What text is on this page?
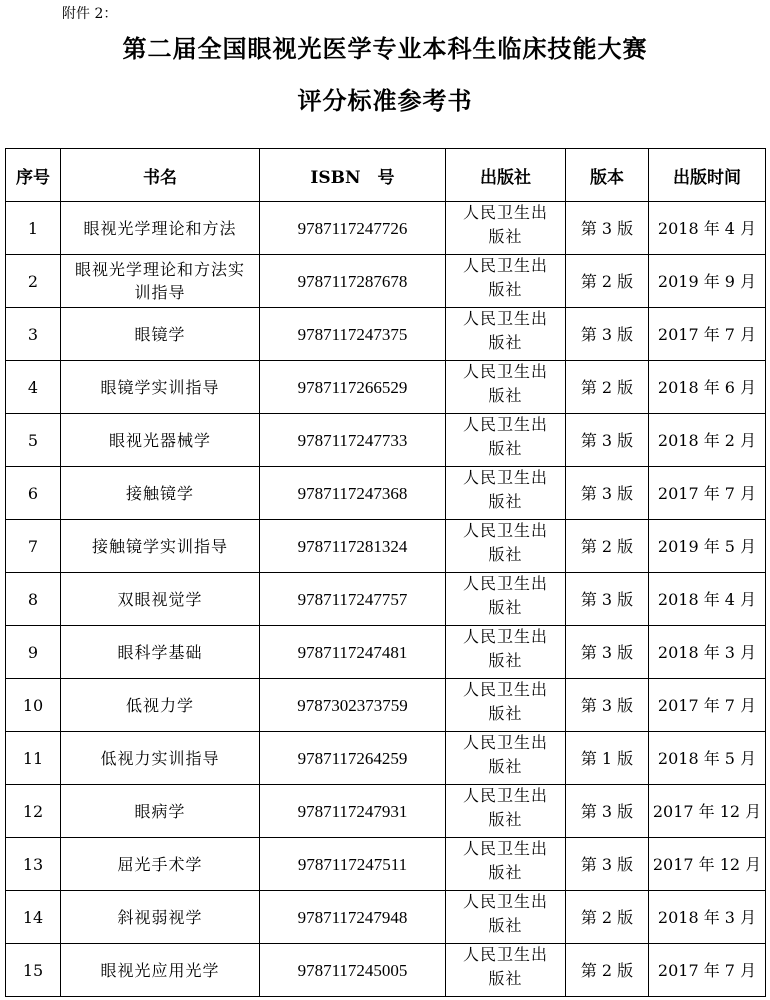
附件 2：
第二届全国眼视光医学专业本科生临床技能大赛
评分标准参考书
序号	书名	ISBN　号	出版社	版本	出版时间
1	眼视光学理论和方法	9787117247726	人民卫生出版社	第 3 版	2018 年 4 月
2	眼视光学理论和方法实训指导	9787117287678	人民卫生出版社	第 2 版	2019 年 9 月
3	眼镜学	9787117247375	人民卫生出版社	第 3 版	2017 年 7 月
4	眼镜学实训指导	9787117266529	人民卫生出版社	第 2 版	2018 年 6 月
5	眼视光器械学	9787117247733	人民卫生出版社	第 3 版	2018 年 2 月
6	接触镜学	9787117247368	人民卫生出版社	第 3 版	2017 年 7 月
7	接触镜学实训指导	9787117281324	人民卫生出版社	第 2 版	2019 年 5 月
8	双眼视觉学	9787117247757	人民卫生出版社	第 3 版	2018 年 4 月
9	眼科学基础	9787117247481	人民卫生出版社	第 3 版	2018 年 3 月
10	低视力学	9787302373759	人民卫生出版社	第 3 版	2017 年 7 月
11	低视力实训指导	9787117264259	人民卫生出版社	第 1 版	2018 年 5 月
12	眼病学	9787117247931	人民卫生出版社	第 3 版	2017 年 12 月
13	屈光手术学	9787117247511	人民卫生出版社	第 3 版	2017 年 12 月
14	斜视弱视学	9787117247948	人民卫生出版社	第 2 版	2018 年 3 月
15	眼视光应用光学	9787117245005	人民卫生出版社	第 2 版	2017 年 7 月
